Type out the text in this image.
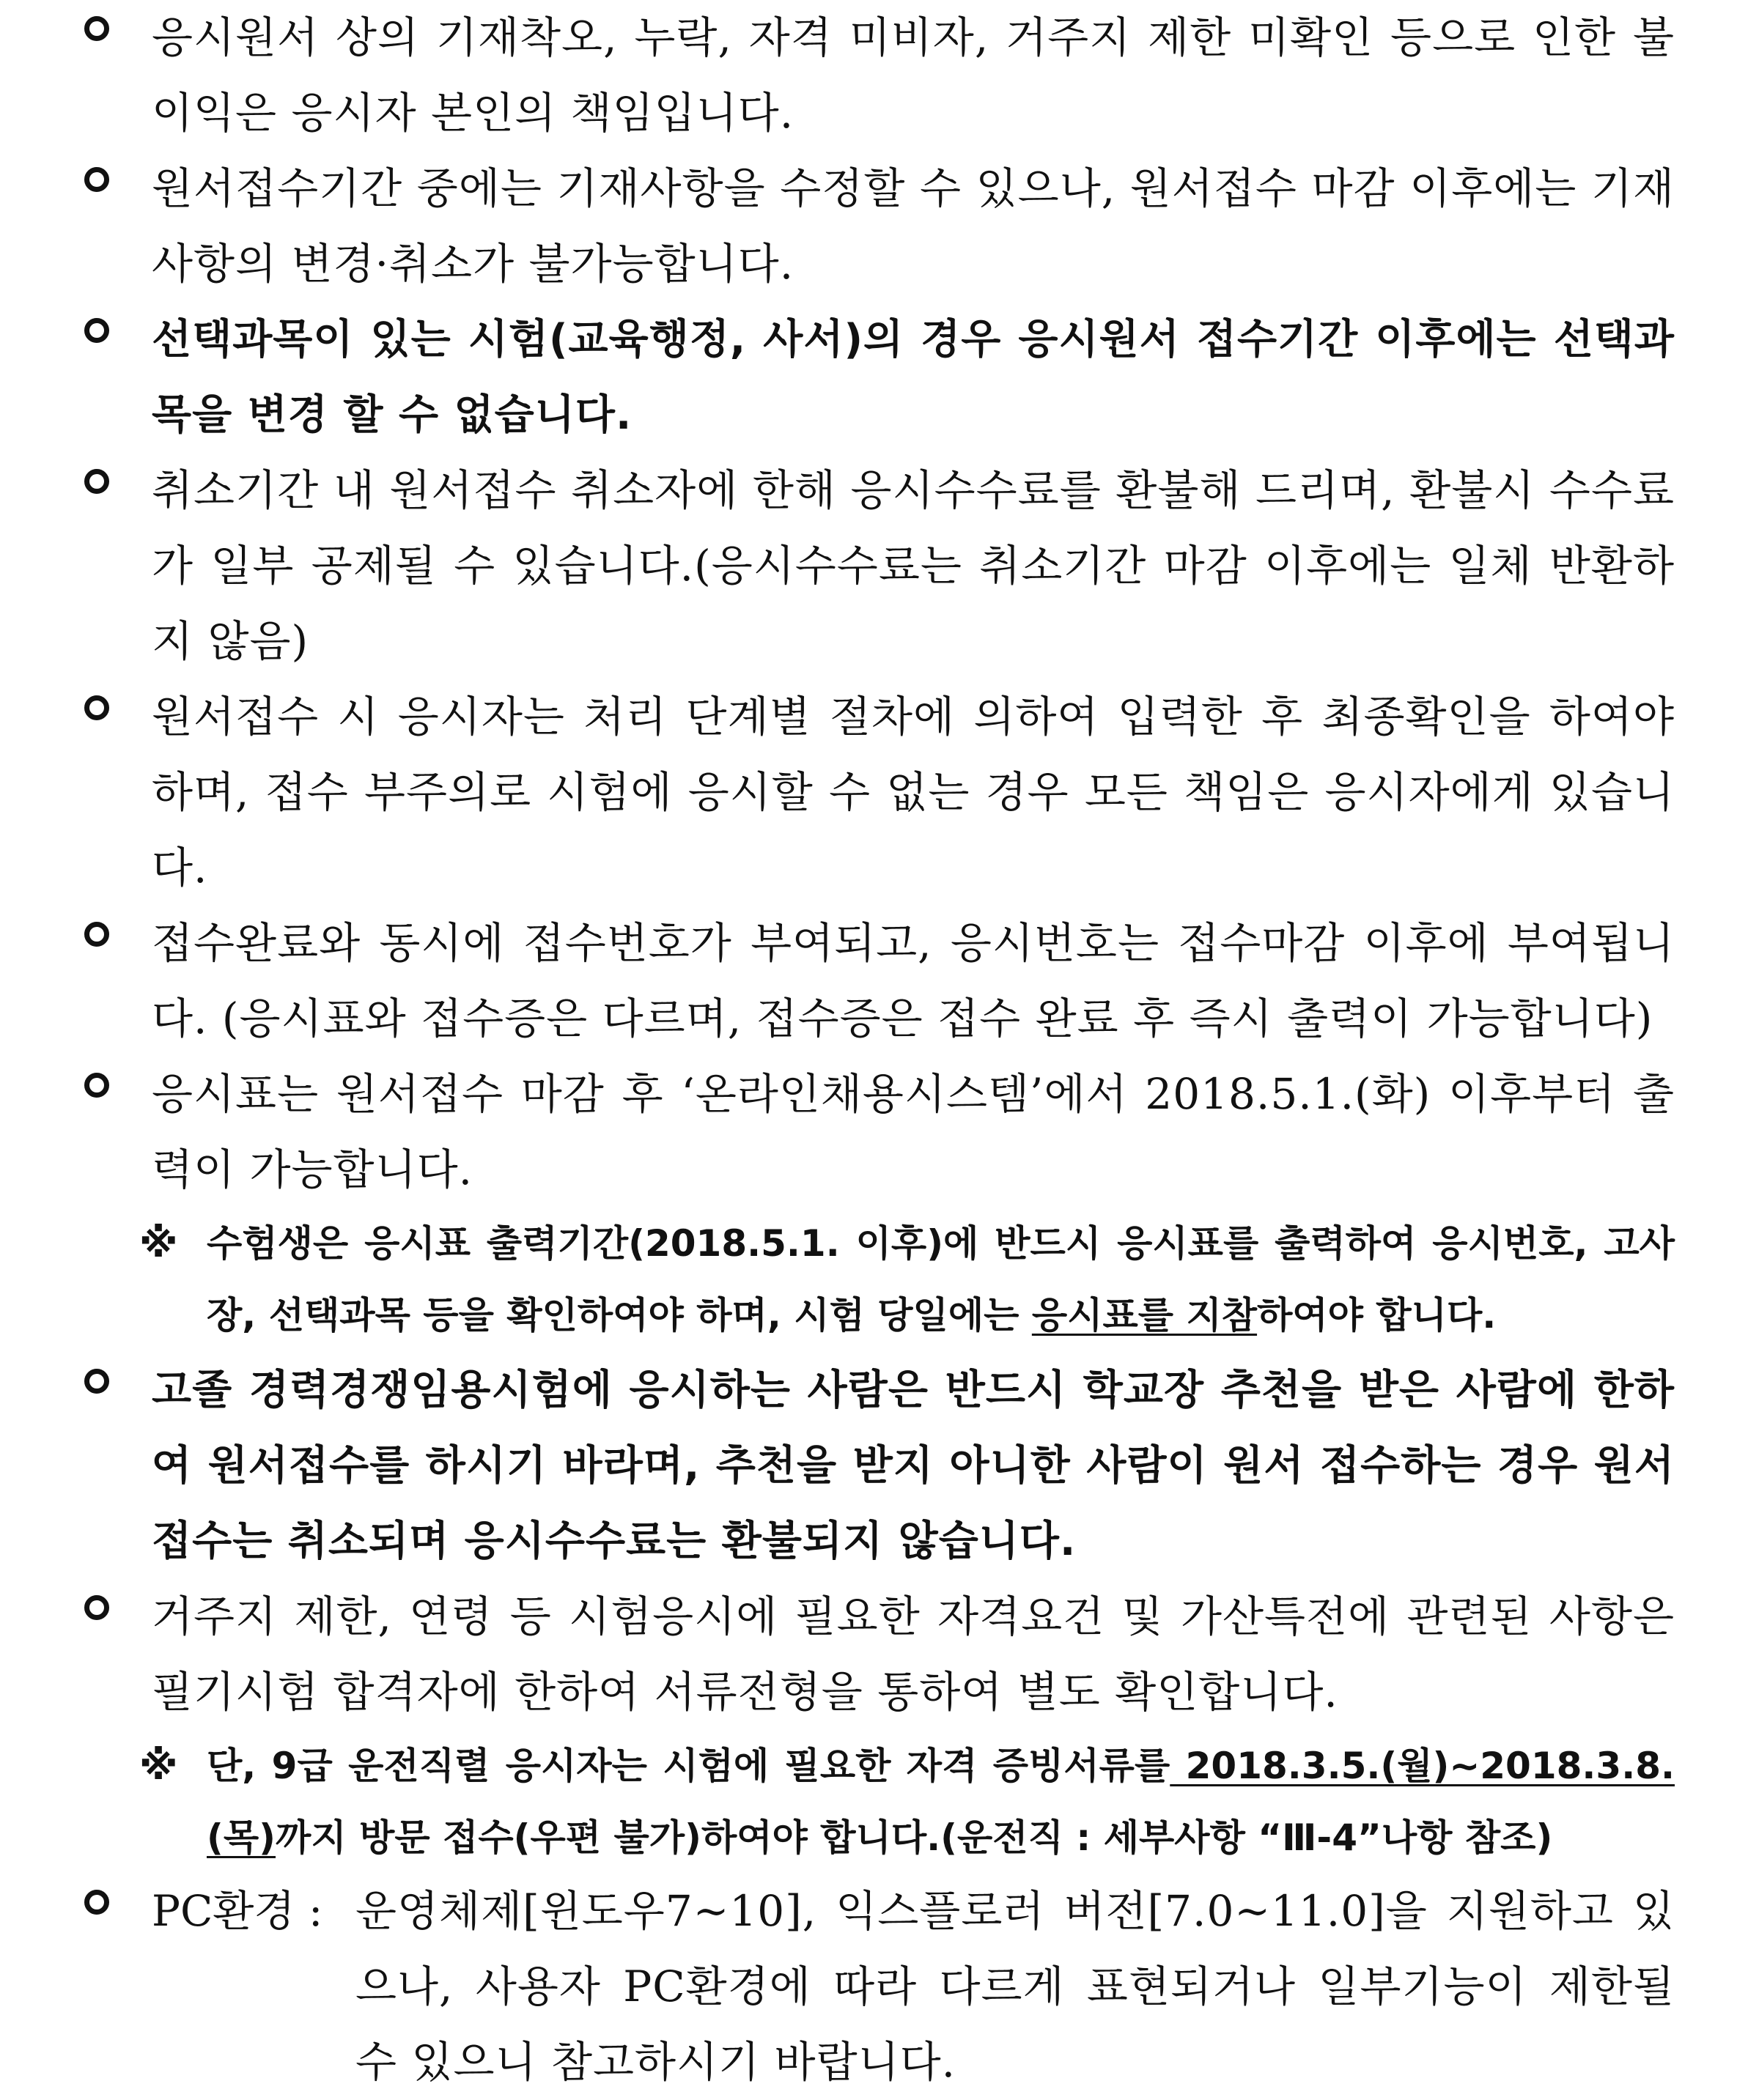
응시원서 상의 기재착오, 누락, 자격 미비자, 거주지 제한 미확인 등으로 인한 불이익은 응시자 본인의 책임입니다.
원서접수기간 중에는 기재사항을 수정할 수 있으나, 원서접수 마감 이후에는 기재사항의 변경·취소가 불가능합니다.
선택과목이 있는 시험(교육행정, 사서)의 경우 응시원서 접수기간 이후에는 선택과목을 변경 할 수 없습니다.
취소기간 내 원서접수 취소자에 한해 응시수수료를 환불해 드리며, 환불시 수수료가 일부 공제될 수 있습니다.(응시수수료는 취소기간 마감 이후에는 일체 반환하지 않음)
원서접수 시 응시자는 처리 단계별 절차에 의하여 입력한 후 최종확인을 하여야 하며, 접수 부주의로 시험에 응시할 수 없는 경우 모든 책임은 응시자에게 있습니다.
접수완료와 동시에 접수번호가 부여되고, 응시번호는 접수마감 이후에 부여됩니다. (응시표와 접수증은 다르며, 접수증은 접수 완료 후 즉시 출력이 가능합니다)
응시표는 원서접수 마감 후 ‘온라인채용시스템’에서 2018.5.1.(화) 이후부터 출력이 가능합니다.
※ 수험생은 응시표 출력기간(2018.5.1. 이후)에 반드시 응시표를 출력하여 응시번호, 고사장, 선택과목 등을 확인하여야 하며, 시험 당일에는 응시표를 지참하여야 합니다.
고졸 경력경쟁임용시험에 응시하는 사람은 반드시 학교장 추천을 받은 사람에 한하여 원서접수를 하시기 바라며, 추천을 받지 아니한 사람이 원서 접수하는 경우 원서접수는 취소되며 응시수수료는 환불되지 않습니다.
거주지 제한, 연령 등 시험응시에 필요한 자격요건 및 가산특전에 관련된 사항은 필기시험 합격자에 한하여 서류전형을 통하여 별도 확인합니다.
※ 단, 9급 운전직렬 응시자는 시험에 필요한 자격 증빙서류를 2018.3.5.(월)~2018.3.8.(목)까지 방문 접수(우편 불가)하여야 합니다.(운전직 : 세부사항 “Ⅲ-4”나항 참조)
PC환경 : 운영체제[윈도우7~10], 익스플로러 버전[7.0~11.0]을 지원하고 있으나, 사용자 PC환경에 따라 다르게 표현되거나 일부기능이 제한될 수 있으니 참고하시기 바랍니다.
